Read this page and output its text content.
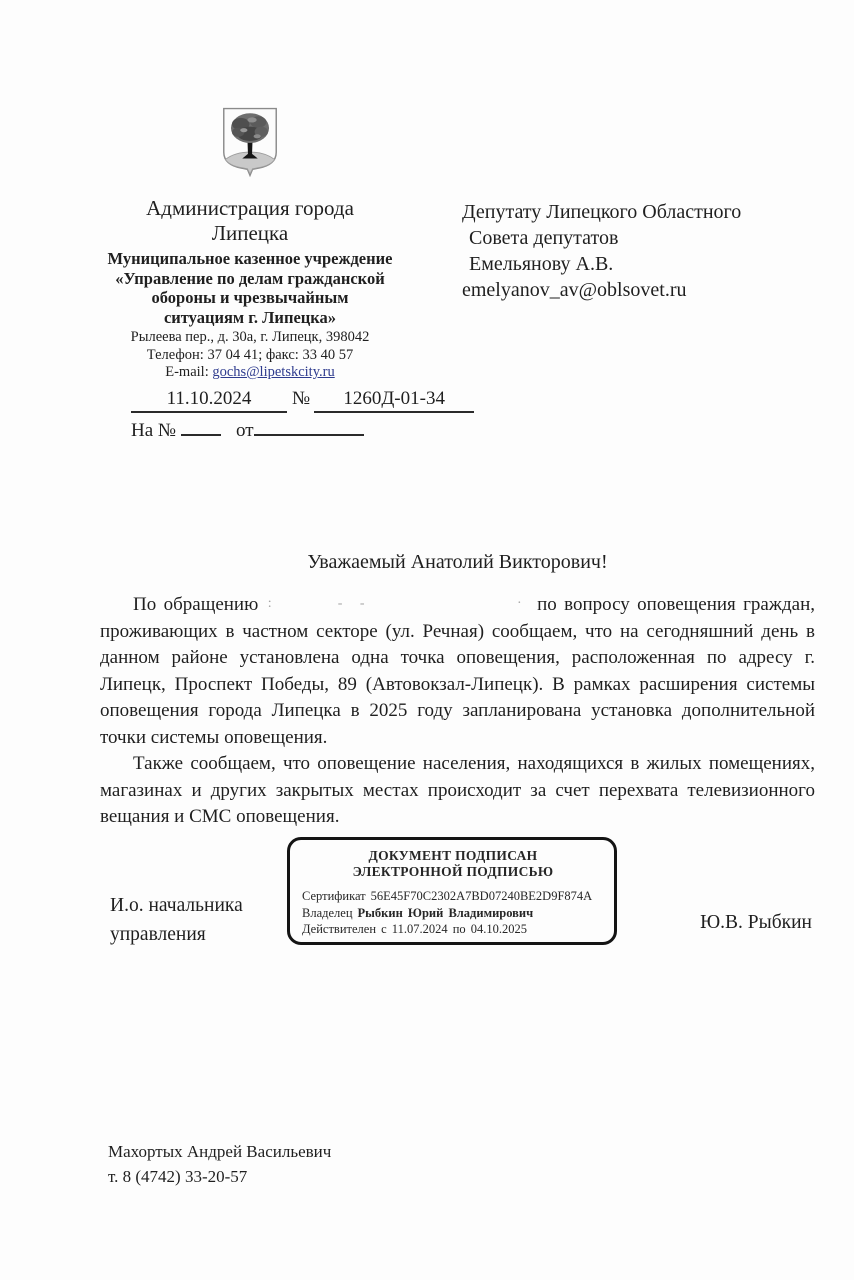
Администрация города
Липецка
Муниципальное казенное учреждение
«Управление по делам гражданской
обороны и чрезвычайным
ситуациям г. Липецка»
Рылеева пер., д. 30а, г. Липецк, 398042
Телефон: 37 04 41; факс: 33 40 57
E-mail: gochs@lipetskcity.ru
Депутату Липецкого Областного
Совета депутатов
Емельянову А.В.
emelyanov_av@oblsovet.ru
11.10.2024 № 1260Д-01-34
На №	от
Уважаемый Анатолий Викторович!

По обращению :	- -	· по вопросу оповещения граждан, проживающих в частном секторе (ул. Речная) сообщаем, что на сегодняшний день в данном районе установлена одна точка оповещения, расположенная по адресу г. Липецк, Проспект Победы, 89 (Автовокзал-Липецк). В рамках расширения системы оповещения города Липецка в 2025 году запланирована установка дополнительной точки системы оповещения.

Также сообщаем, что оповещение населения, находящихся в жилых помещениях, магазинах и других закрытых местах происходит за счет перехвата телевизионного вещания и СМС оповещения.

ДОКУМЕНТ ПОДПИСАН
ЭЛЕКТРОННОЙ ПОДПИСЬЮ
Сертификат 56E45F70C2302A7BD07240BE2D9F874A
Владелец Рыбкин Юрий Владимирович
Действителен с 11.07.2024 по 04.10.2025
И.о. начальника
управления
Ю.В. Рыбкин
Махортых Андрей Васильевич
т. 8 (4742) 33-20-57
